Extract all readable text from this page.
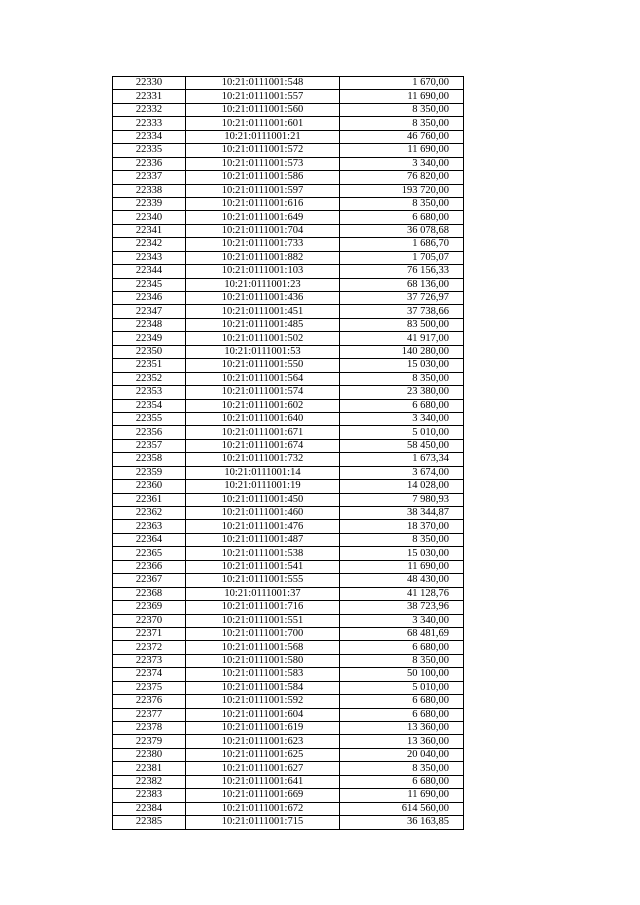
22330	10:21:0111001:548	1 670,00
22331	10:21:0111001:557	11 690,00
22332	10:21:0111001:560	8 350,00
22333	10:21:0111001:601	8 350,00
22334	10:21:0111001:21	46 760,00
22335	10:21:0111001:572	11 690,00
22336	10:21:0111001:573	3 340,00
22337	10:21:0111001:586	76 820,00
22338	10:21:0111001:597	193 720,00
22339	10:21:0111001:616	8 350,00
22340	10:21:0111001:649	6 680,00
22341	10:21:0111001:704	36 078,68
22342	10:21:0111001:733	1 686,70
22343	10:21:0111001:882	1 705,07
22344	10:21:0111001:103	76 156,33
22345	10:21:0111001:23	68 136,00
22346	10:21:0111001:436	37 726,97
22347	10:21:0111001:451	37 738,66
22348	10:21:0111001:485	83 500,00
22349	10:21:0111001:502	41 917,00
22350	10:21:0111001:53	140 280,00
22351	10:21:0111001:550	15 030,00
22352	10:21:0111001:564	8 350,00
22353	10:21:0111001:574	23 380,00
22354	10:21:0111001:602	6 680,00
22355	10:21:0111001:640	3 340,00
22356	10:21:0111001:671	5 010,00
22357	10:21:0111001:674	58 450,00
22358	10:21:0111001:732	1 673,34
22359	10:21:0111001:14	3 674,00
22360	10:21:0111001:19	14 028,00
22361	10:21:0111001:450	7 980,93
22362	10:21:0111001:460	38 344,87
22363	10:21:0111001:476	18 370,00
22364	10:21:0111001:487	8 350,00
22365	10:21:0111001:538	15 030,00
22366	10:21:0111001:541	11 690,00
22367	10:21:0111001:555	48 430,00
22368	10:21:0111001:37	41 128,76
22369	10:21:0111001:716	38 723,96
22370	10:21:0111001:551	3 340,00
22371	10:21:0111001:700	68 481,69
22372	10:21:0111001:568	6 680,00
22373	10:21:0111001:580	8 350,00
22374	10:21:0111001:583	50 100,00
22375	10:21:0111001:584	5 010,00
22376	10:21:0111001:592	6 680,00
22377	10:21:0111001:604	6 680,00
22378	10:21:0111001:619	13 360,00
22379	10:21:0111001:623	13 360,00
22380	10:21:0111001:625	20 040,00
22381	10:21:0111001:627	8 350,00
22382	10:21:0111001:641	6 680,00
22383	10:21:0111001:669	11 690,00
22384	10:21:0111001:672	614 560,00
22385	10:21:0111001:715	36 163,85
